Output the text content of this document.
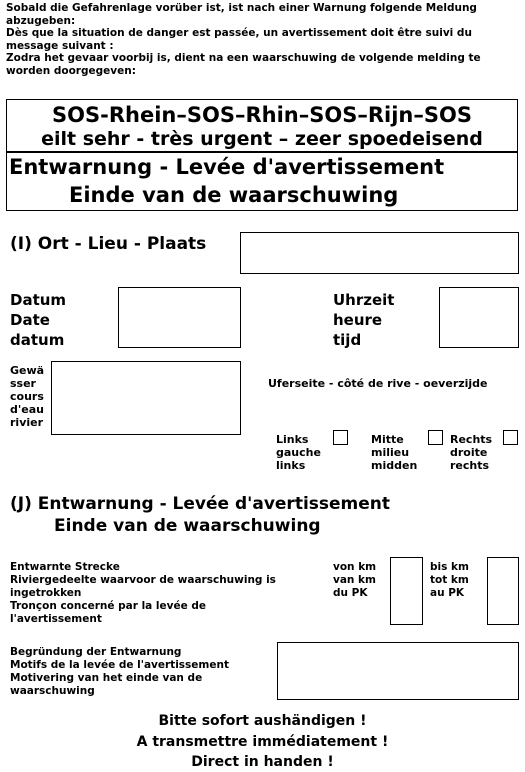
Sobald die Gefahrenlage vorüber ist, ist nach einer Warnung folgende Meldung
abzugeben:
Dès que la situation de danger est passée, un avertissement doit être suivi du
message suivant :
Zodra het gevaar voorbij is, dient na een waarschuwing de volgende melding te
worden doorgegeven:
SOS-Rhein–SOS–Rhin–SOS–Rijn–SOS
eilt sehr - très urgent – zeer spoedeisend
Entwarnung - Levée d'avertissement
Einde van de waarschuwing
(I) Ort - Lieu - Plaats
Datum
Date
datum
Uhrzeit
heure
tijd
Gewä
sser
cours
d'eau
rivier
Uferseite - côté de rive - oeverzijde
Links
gauche
links
Mitte
milieu
midden
Rechts
droite
rechts
(J) Entwarnung - Levée d'avertissement
Einde van de waarschuwing
Entwarnte Strecke
Riviergedeelte waarvoor de waarschuwing is
ingetrokken
Tronçon concerné par la levée de
l'avertissement
von km
van km
du PK
bis km
tot km
au PK
Begründung der Entwarnung
Motifs de la levée de l'avertissement
Motivering van het einde van de
waarschuwing
Bitte sofort aushändigen !
A transmettre immédiatement !
Direct in handen !
